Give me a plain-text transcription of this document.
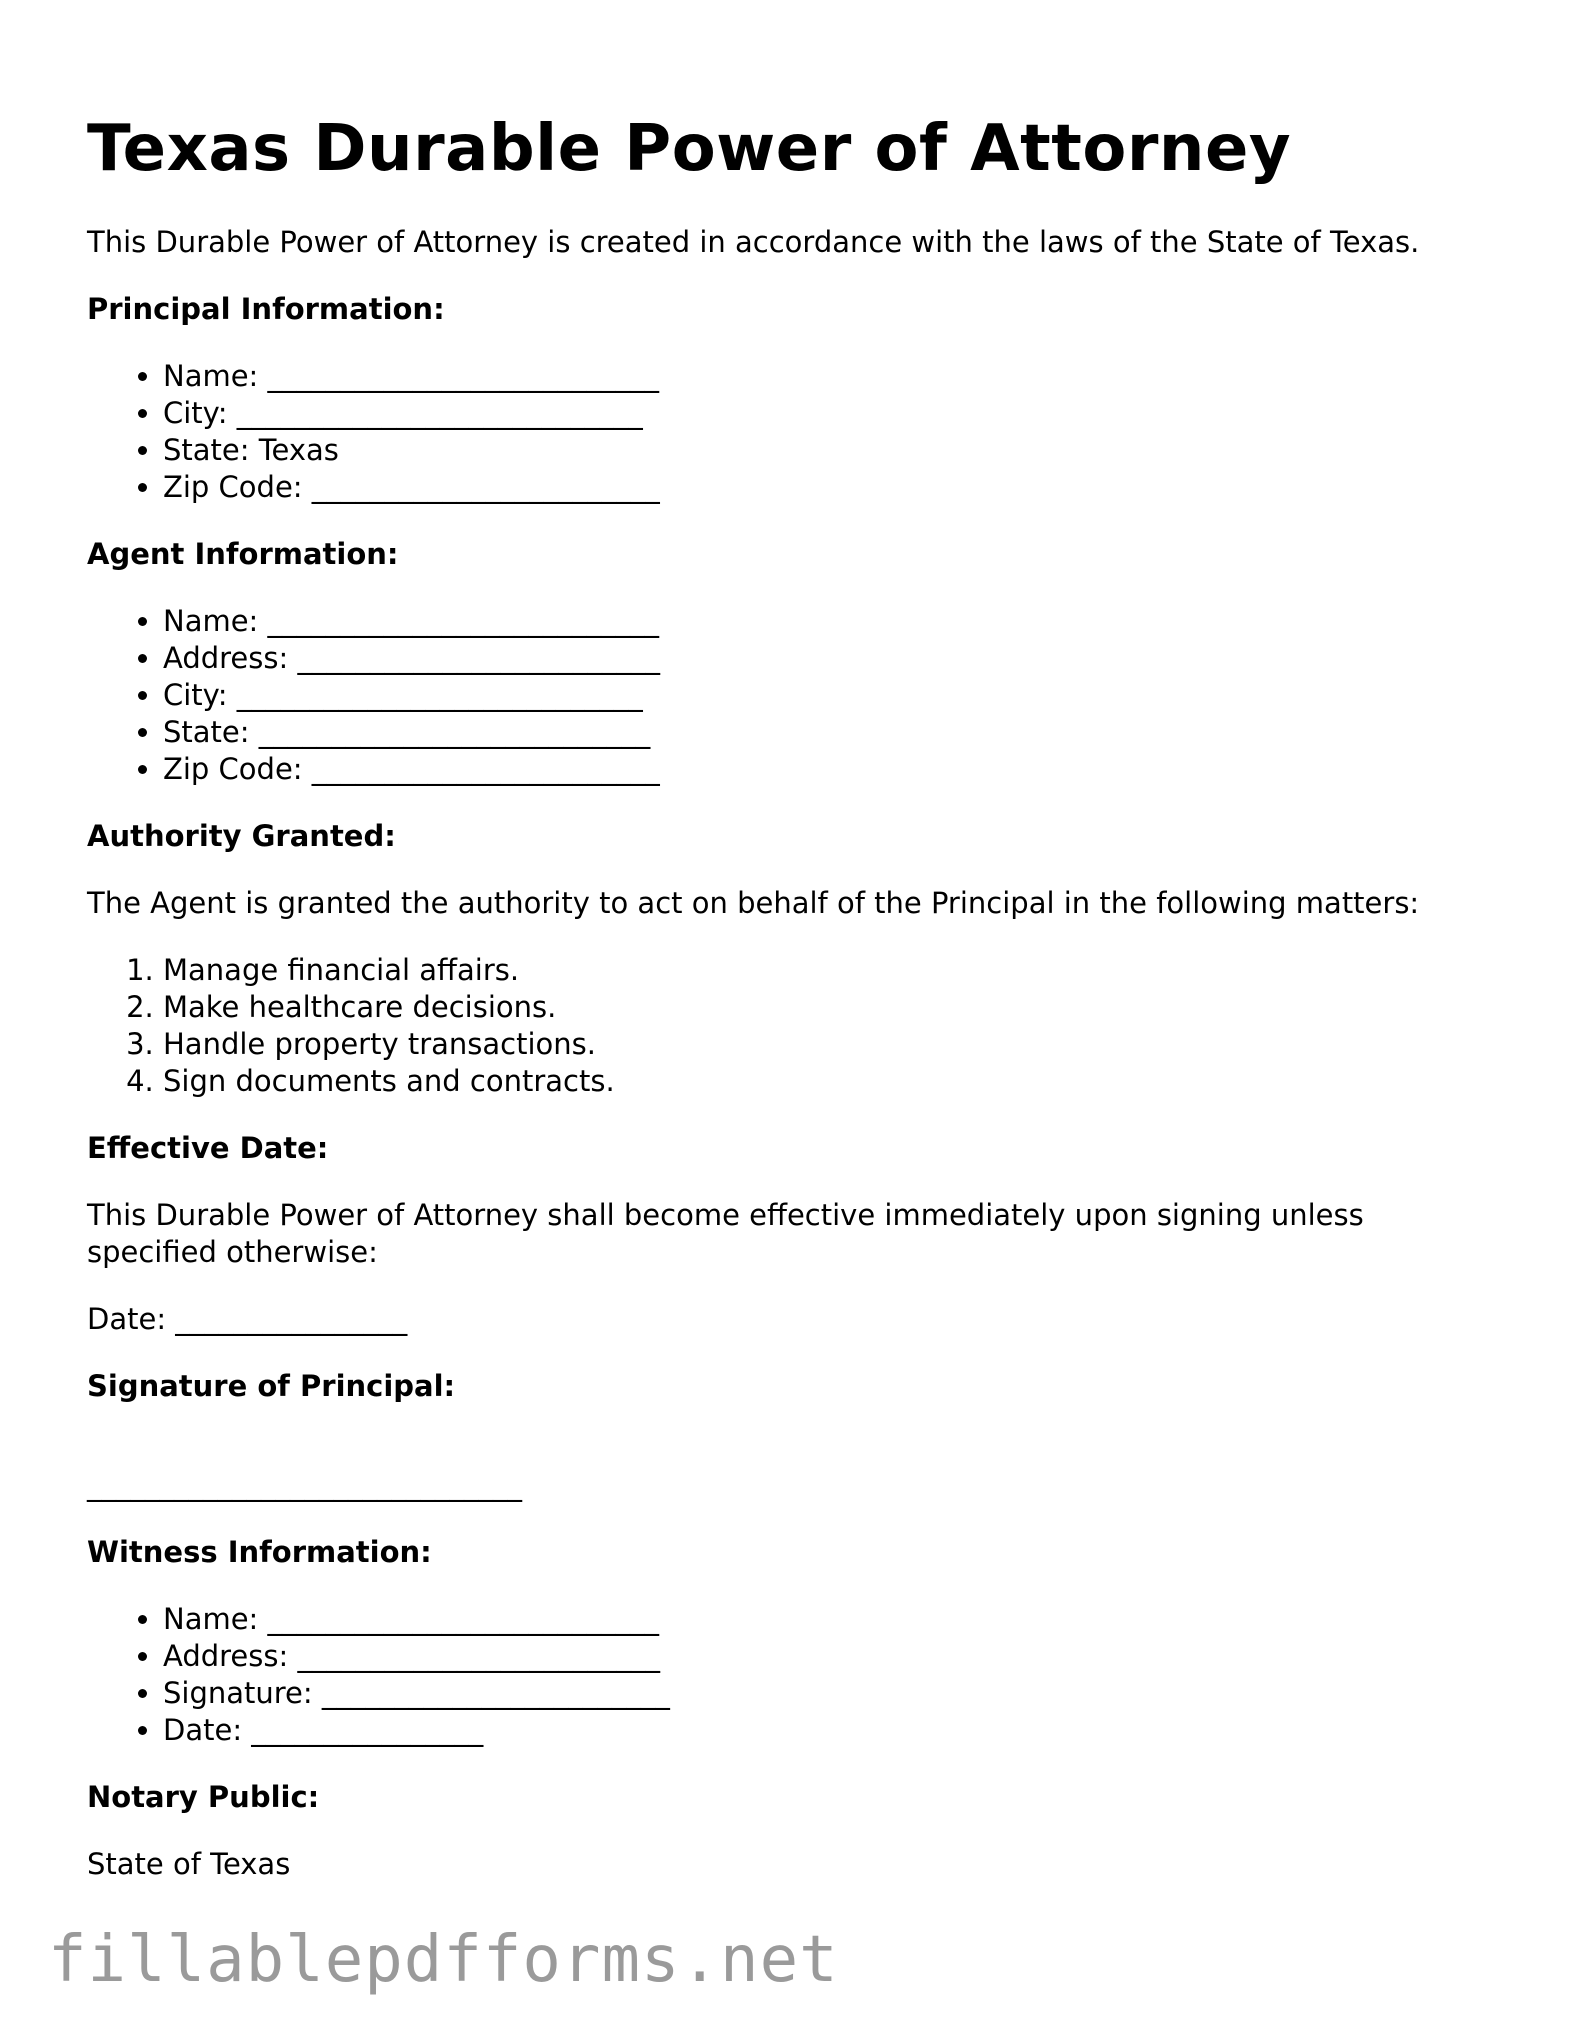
Texas Durable Power of Attorney

This Durable Power of Attorney is created in accordance with the laws of the State of Texas.

Principal Information:
• Name: ___________________________
• City: ____________________________
• State: Texas
• Zip Code: ________________________
Agent Information:
• Name: ___________________________
• Address: _________________________
• City: ____________________________
• State: ___________________________
• Zip Code: ________________________
Authority Granted:

The Agent is granted the authority to act on behalf of the Principal in the following matters:

1. Manage financial affairs.
2. Make healthcare decisions.
3. Handle property transactions.
4. Sign documents and contracts.
Effective Date:

This Durable Power of Attorney shall become effective immediately upon signing unless specified otherwise:

Date: ________________

Signature of Principal:
______________________________
Witness Information:
• Name: ___________________________
• Address: _________________________
• Signature: ________________________
• Date: ________________
Notary Public:

State of Texas

fillablepdfforms.net
